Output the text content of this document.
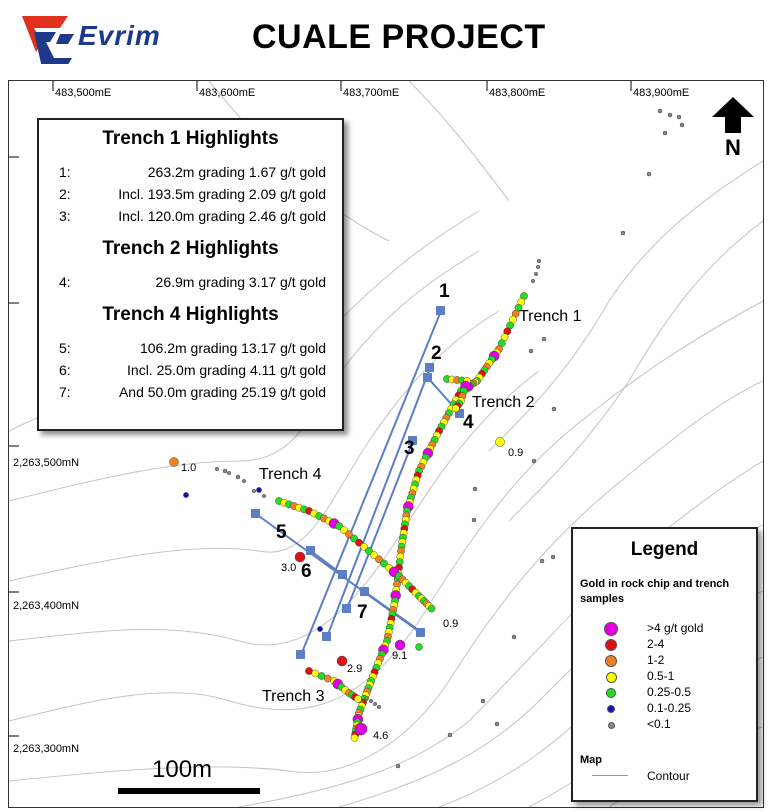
Evrim	CUALE PROJECT
483,500mE	483,600mE	483,700mE	483,800mE	483,900mE
2,263,500mN
2,263,400mN
2,263,300mN
N
Trench 1 Highlights
1:	263.2m grading 1.67 g/t gold
2:	Incl. 193.5m grading 2.09 g/t gold
3:	Incl. 120.0m grading 2.46 g/t gold
Trench 2 Highlights
4:	26.9m grading 3.17 g/t gold
Trench 4 Highlights
5:	106.2m grading 13.17 g/t gold
6:	Incl. 25.0m grading 4.11 g/t gold
7:	And 50.0m grading 25.19 g/t gold
Trench 1
Trench 2
Trench 3
Trench 4
1
2
3
4
5
6
7
1.0
0.9
3.0
0.9
9.1
2.9
4.6
Legend
Gold in rock chip and trench samples
>4 g/t gold
2-4
1-2
0.5-1
0.25-0.5
0.1-0.25
<0.1
Map
Contour
100m
